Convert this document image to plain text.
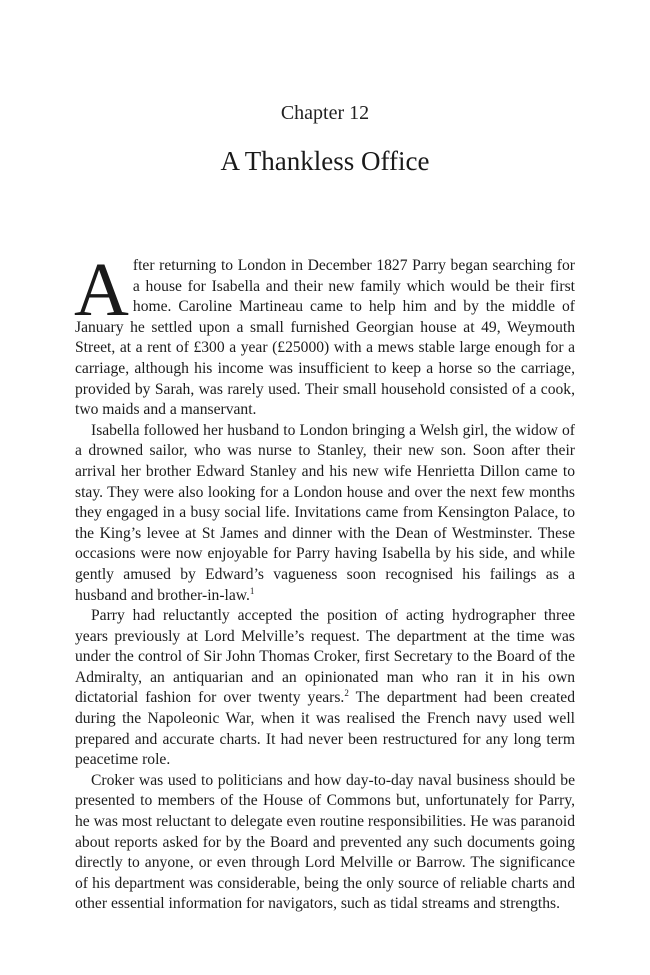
Chapter 12
A Thankless Office

After returning to London in December 1827 Parry began searching for a house for Isabella and their new family which would be their first home. Caroline Martineau came to help him and by the middle of January he settled upon a small furnished Georgian house at 49, Weymouth Street, at a rent of £300 a year (£25000) with a mews stable large enough for a carriage, although his income was insufficient to keep a horse so the carriage, provided by Sarah, was rarely used. Their small household consisted of a cook, two maids and a manservant.

Isabella followed her husband to London bringing a Welsh girl, the widow of a drowned sailor, who was nurse to Stanley, their new son. Soon after their arrival her brother Edward Stanley and his new wife Henrietta Dillon came to stay. They were also looking for a London house and over the next few months they engaged in a busy social life. Invitations came from Kensington Palace, to the King’s levee at St James and dinner with the Dean of Westminster. These occasions were now enjoyable for Parry having Isabella by his side, and while gently amused by Edward’s vagueness soon recognised his failings as a husband and brother-in-law.$^1$

Parry had reluctantly accepted the position of acting hydrographer three years previously at Lord Melville’s request. The department at the time was under the control of Sir John Thomas Croker, first Secretary to the Board of the Admiralty, an antiquarian and an opinionated man who ran it in his own dictatorial fashion for over twenty years.$^2$ The department had been created during the Napoleonic War, when it was realised the French navy used well prepared and accurate charts. It had never been restructured for any long term peacetime role.

Croker was used to politicians and how day-to-day naval business should be presented to members of the House of Commons but, unfortunately for Parry, he was most reluctant to delegate even routine responsibilities. He was paranoid about reports asked for by the Board and prevented any such documents going directly to anyone, or even through Lord Melville or Barrow. The significance of his department was considerable, being the only source of reliable charts and other essential information for navigators, such as tidal streams and strengths.
